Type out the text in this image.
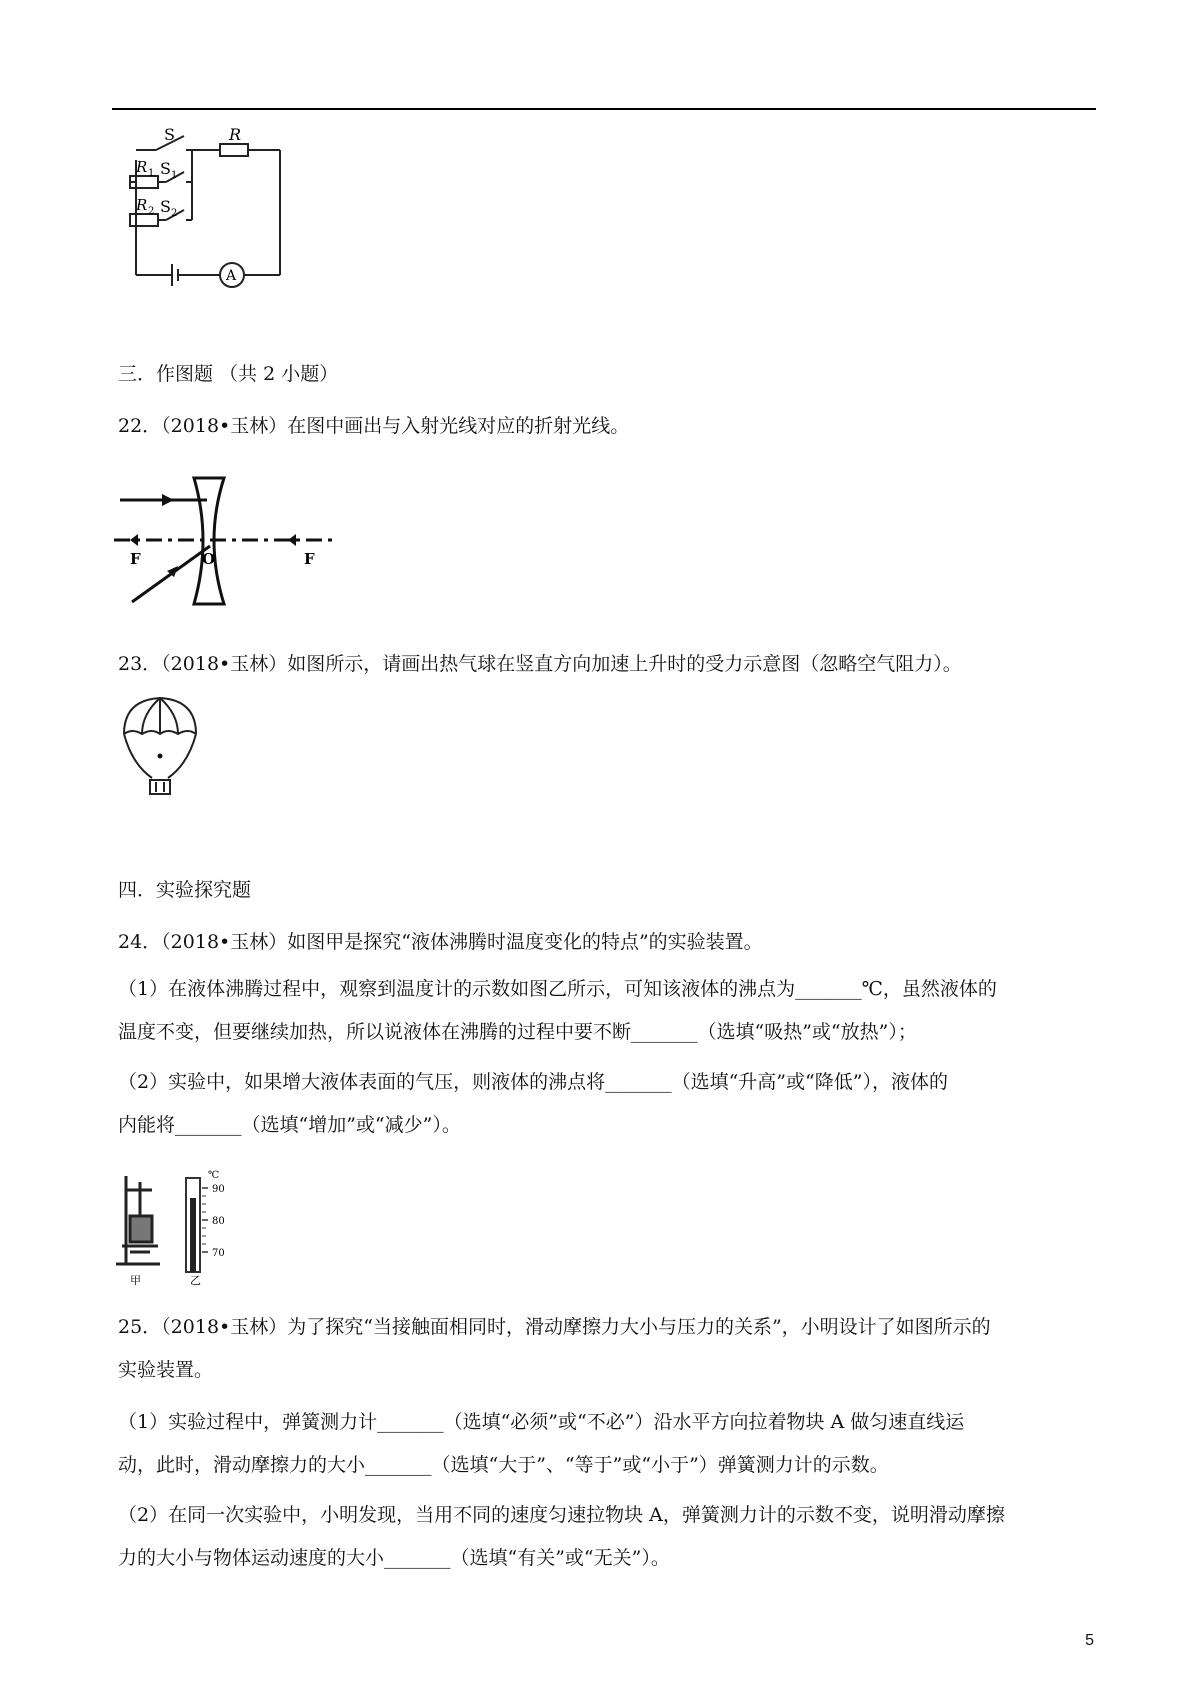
S	R
R 1 S 1
R 2 S 2
A
三．作图题 （共 2 小题）
22．（2018•玉林）在图中画出与入射光线对应的折射光线。
F	O	F
23．（2018•玉林）如图所示，请画出热气球在竖直方向加速上升时的受力示意图（忽略空气阻力）。
四．实验探究题
24．（2018•玉林）如图甲是探究“液体沸腾时温度变化的特点”的实验装置。
（1）在液体沸腾过程中，观察到温度计的示数如图乙所示，可知该液体的沸点为_______℃，虽然液体的
温度不变，但要继续加热，所以说液体在沸腾的过程中要不断_______（选填“吸热”或“放热”）；
（2）实验中，如果增大液体表面的气压，则液体的沸点将_______（选填“升高”或“降低”），液体的
内能将_______（选填“增加”或“减少”）。
甲
℃
90
80
70
乙
25．（2018•玉林）为了探究“当接触面相同时，滑动摩擦力大小与压力的关系”，小明设计了如图所示的
实验装置。
（1）实验过程中，弹簧测力计_______（选填“必须”或“不必”）沿水平方向拉着物块 A 做匀速直线运
动，此时，滑动摩擦力的大小_______（选填“大于”、“等于”或“小于”）弹簧测力计的示数。
（2）在同一次实验中，小明发现，当用不同的速度匀速拉物块 A，弹簧测力计的示数不变，说明滑动摩擦
力的大小与物体运动速度的大小_______（选填“有关”或“无关”）。
5
